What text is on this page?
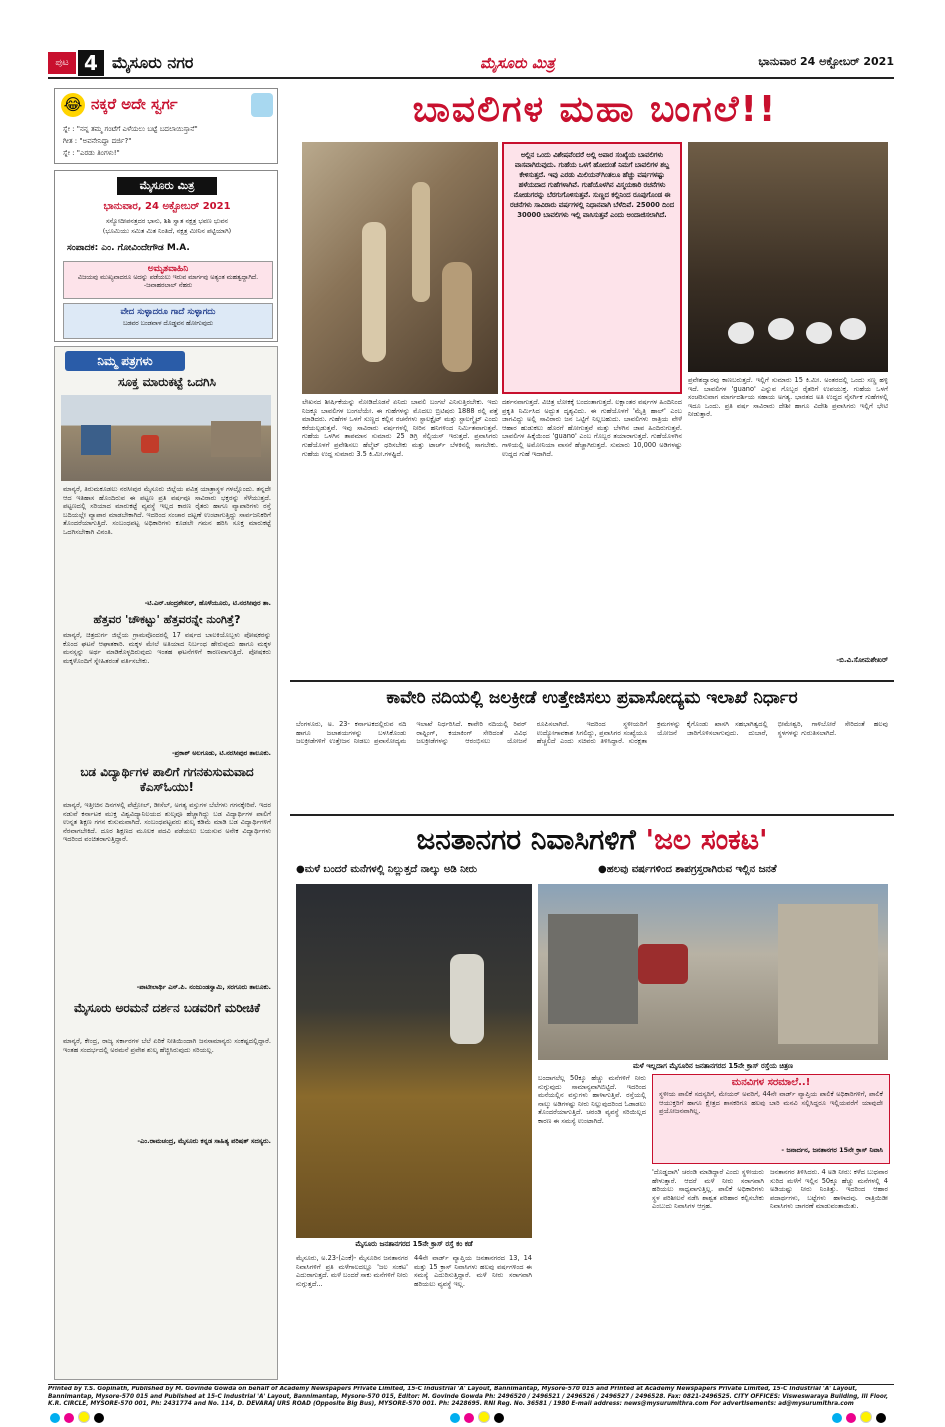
ಪುಟ 4 ಮೈಸೂರು ನಗರ	ಮೈಸೂರು ಮಿತ್ರ	ಭಾನುವಾರ 24 ಅಕ್ಟೋಬರ್ 2021
😂 ನಕ್ಕರೆ ಅದೇ ಸ್ವರ್ಗ
ಸ್ನೇ : "ನನ್ನ ತಮ್ಮ ಗಂಟೆಗೆ ಎಳೆಯಲು ಬಟ್ಟೆ ಬದಲಾಯಿಸ್ತಾನೆ"
ಗೀತ : "ಅವನೇನಿದ್ದಾ ದರ್ಜಿ?"
ಸ್ನೇ : "ಎರಡು ತಿಂಗಳು!"
ಮೈಸೂರು ಮಿತ್ರ
ಭಾನುವಾರ, 24 ಅಕ್ಟೋಬರ್ 2021
ಸಸ್ಯೋದೀಪನತ್ರದರ ಭಾನು, ಶಿಶಿ ಸ್ವಾತ ನಕ್ಷತ್ರ ಭವಣ ಭುವನ
(ಭೂಮಿಯು ಸಮಿತ ಮಿತ ನಿಂತಿದೆ, ನಕ್ಷತ್ರ ಮೀನಿನ ಪಟ್ಟಿಯಾಗಿ)
ಸಂಪಾದಕ: ಎಂ. ಗೋವಿಂದೇಗೌಡ M.A.
ಅಮೃತವಾಹಿನಿ
ವಿಜಯವು ಮುಖ್ಯವಾದರೂ ಅದನ್ನು ಪಡೆಯಲು ಇರುವ ಮಾರ್ಗವು ಅತ್ಯಂತ ಮಹತ್ವದ್ದಾಗಿದೆ. -ಜವಾಹರಲಾಲ್ ನೆಹರು
ವೇದ ಸುಳ್ಳಾದರೂ ಗಾದೆ ಸುಳ್ಳಾಗದು
ಬಡವರ ಬಂಡವಾಳ ದೊಡ್ಡವನ ಹೋಗುವುದು
ನಿಮ್ಮ ಪತ್ರಗಳು
ಸೂಕ್ತ ಮಾರುಕಟ್ಟೆ ಒದಗಿಸಿ
ಮಾನ್ಯರೆ, ತಿರುಮಕೂಡಲು ನರಸೀಪುರ ಮೈಸೂರು ಜಿಲ್ಲೆಯ ಪವಿತ್ರ ಯಾತ್ರಾಸ್ಥಳ ಗಳಲ್ಲೊಂದು. ತನ್ನದೇ ಆದ ಇತಿಹಾಸ ಹೊಂದಿರುವ ಈ ಪಟ್ಟಣ ಪ್ರತಿ ವರ್ಷವೂ ಸಾವಿರಾರು ಭಕ್ತರನ್ನು ಸೆಳೆಯುತ್ತದೆ. ಪಟ್ಟಣದಲ್ಲಿ ಸರಿಯಾದ ಮಾರುಕಟ್ಟೆ ವ್ಯವಸ್ಥೆ ಇಲ್ಲದ ಕಾರಣ ರೈತರು ಹಾಗೂ ವ್ಯಾಪಾರಿಗಳು ರಸ್ತೆ ಬದಿಯಲ್ಲೇ ವ್ಯಾಪಾರ ಮಾಡಬೇಕಾಗಿದೆ. ಇದರಿಂದ ಸಂಚಾರ ದಟ್ಟಣೆ ಉಂಟಾಗುತ್ತಿದ್ದು ಸಾರ್ವಜನಿಕರಿಗೆ ತೊಂದರೆಯಾಗುತ್ತಿದೆ. ಸಂಬಂಧಪಟ್ಟ ಅಧಿಕಾರಿಗಳು ಕೂಡಲೇ ಗಮನ ಹರಿಸಿ ಸೂಕ್ತ ಮಾರುಕಟ್ಟೆ ಒದಗಿಸಬೇಕಾಗಿ ವಿನಂತಿ.
-ಟಿ.ಎನ್.ಚಂದ್ರಶೇಖರ್, ಹೊಳೆಯೂರು, ಟಿ.ನರಸೀಪುರ ತಾ.
ಹೆತ್ತವರ 'ಚೌಕಟ್ಟು' ಹೆತ್ತವರನ್ನೇ ನುಂಗಿತ್ತೆ?
ಮಾನ್ಯರೆ, ಚಿತ್ರದುರ್ಗ ಜಿಲ್ಲೆಯ ಗ್ರಾಮವೊಂದರಲ್ಲಿ 17 ವರ್ಷದ ಬಾಲಕಿಯೊಬ್ಬಳು ಪೋಷಕರನ್ನು ಕೊಂದ ಘಟನೆ ಆಘಾತಕಾರಿ. ಮಕ್ಕಳ ಮೇಲೆ ಅತಿಯಾದ ನಿರ್ಬಂಧ ಹೇರುವುದು ಹಾಗೂ ಮಕ್ಕಳ ಮನಸ್ಸನ್ನು ಅರ್ಥ ಮಾಡಿಕೊಳ್ಳದಿರುವುದು ಇಂತಹ ಘಟನೆಗಳಿಗೆ ಕಾರಣವಾಗುತ್ತಿದೆ. ಪೋಷಕರು ಮಕ್ಕಳೊಂದಿಗೆ ಸ್ನೇಹಿತರಂತೆ ವರ್ತಿಸಬೇಕು.
-ಪ್ರಕಾಶ್ ಅಲಗೂಡು, ಟಿ.ನರಸೀಪುರ ತಾಲೂಕು.
ಬಡ ವಿದ್ಯಾರ್ಥಿಗಳ ಪಾಲಿಗೆ ಗಗನಕುಸುಮವಾದ ಕೆಎಸ್‌ಓಯು!
ಮಾನ್ಯರೆ, ಇತ್ತೀಚಿನ ದಿನಗಳಲ್ಲಿ ಪೆಟ್ರೋಲ್, ಡೀಸೆಲ್, ಅಗತ್ಯ ವಸ್ತುಗಳ ಬೆಲೆಗಳು ಗಗನಕ್ಕೇರಿವೆ. ಇದರ ನಡುವೆ ಕರ್ನಾಟಕ ಮುಕ್ತ ವಿಶ್ವವಿದ್ಯಾನಿಲಯದ ಶುಲ್ಕವೂ ಹೆಚ್ಚಾಗಿದ್ದು ಬಡ ವಿದ್ಯಾರ್ಥಿಗಳ ಪಾಲಿಗೆ ಉನ್ನತ ಶಿಕ್ಷಣ ಗಗನ ಕುಸುಮವಾಗಿದೆ. ಸಂಬಂಧಪಟ್ಟವರು ಶುಲ್ಕ ಕಡಿಮೆ ಮಾಡಿ ಬಡ ವಿದ್ಯಾರ್ಥಿಗಳಿಗೆ ನೆರವಾಗಬೇಕಿದೆ. ದೂರ ಶಿಕ್ಷಣದ ಮೂಲಕ ಪದವಿ ಪಡೆಯಲು ಬಯಸುವ ಅನೇಕ ವಿದ್ಯಾರ್ಥಿಗಳು ಇದರಿಂದ ವಂಚಿತರಾಗುತ್ತಿದ್ದಾರೆ.
-ಪಾಟೀಲಾರ್ಥಿ ಎಸ್.ಪಿ. ನಂಜುಂಡಸ್ವಾಮಿ, ಸರಗೂರು ತಾಲೂಕು.
ಮೈಸೂರು ಅರಮನೆ ದರ್ಶನ ಬಡವರಿಗೆ ಮರೀಚಿಕೆ
ಮಾನ್ಯರೆ, ಕೇಂದ್ರ, ರಾಜ್ಯ ಸರ್ಕಾರಗಳ ಬೆಲೆ ಏರಿಕೆ ನೀತಿಯಿಂದಾಗಿ ಜನಸಾಮಾನ್ಯರು ಸಂಕಷ್ಟದಲ್ಲಿದ್ದಾರೆ. ಇಂತಹ ಸಂದರ್ಭದಲ್ಲಿ ಅರಮನೆ ಪ್ರವೇಶ ಶುಲ್ಕ ಹೆಚ್ಚಿಸಿರುವುದು ಸರಿಯಲ್ಲ.
-ಎಂ.ರಾಮಚಂದ್ರ, ಮೈಸೂರು ಕನ್ನಡ ಸಾಹಿತ್ಯ ಪರಿಷತ್ ಸದಸ್ಯರು.
ಬಾವಲಿಗಳ ಮಹಾ ಬಂಗಲೆ!!
ಅಲ್ಲಿನ ಒಂದು ವಿಶೇಷವೆಂದರೆ ಅಲ್ಲಿ ಅಪಾರ ಸಂಖ್ಯೆಯ ಬಾವಲಿಗಳು ವಾಸವಾಗಿರುವುದು. ಗುಹೆಯ ಒಳಗೆ ಹೋದಂತೆ ನಿಮಗೆ ಬಾವಲಿಗಳ ಶಬ್ದ ಕೇಳಿಸುತ್ತದೆ. ಇವು ಎರಡು ಮಿಲಿಯನ್‌ಗಿಂತಲೂ ಹೆಚ್ಚು ವರ್ಷಗಳಷ್ಟು ಹಳೆಯದಾದ ಗುಹೆಗಳಾಗಿವೆ. ಗುಹೆಯೊಳಗಿನ ವಿಸ್ಮಯಕಾರಿ ರಚನೆಗಳು ನೋಡುಗರನ್ನು ಬೆರಗುಗೊಳಿಸುತ್ತವೆ. ಸುಣ್ಣದ ಕಲ್ಲಿನಿಂದ ರೂಪುಗೊಂಡ ಈ ರಚನೆಗಳು ಸಾವಿರಾರು ವರ್ಷಗಳಲ್ಲಿ ನಿಧಾನವಾಗಿ ಬೆಳೆದಿವೆ. 25000 ದಿಂದ 30000 ಬಾವಲಿಗಳು ಇಲ್ಲಿ ವಾಸಿಸುತ್ತವೆ ಎಂದು ಅಂದಾಜಿಸಲಾಗಿದೆ.
ಲೇಖನದ ಶೀರ್ಷಿಕೆಯನ್ನು ನೋಡಿದೊಡನೆ ಏನಿದು ಬಾವಲಿ ಬಂಗಲೆ ಎನಿಸುತ್ತಿರಬೇಕು. ಇದು ನಿಜಕ್ಕೂ ಬಾವಲಿಗಳ ಬಂಗಲೆಯೇ. ಈ ಗುಹೆಗಳನ್ನು ಮೊದಲು ಬ್ರಿಟಿಷರು 1888 ರಲ್ಲಿ ಪತ್ತೆ ಮಾಡಿದರು. ಗುಹೆಗಳ ಒಳಗೆ ಸುಣ್ಣದ ಕಲ್ಲಿನ ರಚನೆಗಳು ಸ್ಟಾಲಕ್ಟೈಟ್ ಮತ್ತು ಸ್ಟಾಲಗ್ಮೈಟ್ ಎಂದು ಕರೆಯಲ್ಪಡುತ್ತವೆ. ಇವು ಸಾವಿರಾರು ವರ್ಷಗಳಲ್ಲಿ ನೀರಿನ ಹನಿಗಳಿಂದ ನಿರ್ಮಿತವಾಗುತ್ತವೆ. ಗುಹೆಯ ಒಳಗಿನ ತಾಪಮಾನ ಸುಮಾರು 25 ಡಿಗ್ರಿ ಸೆಲ್ಸಿಯಸ್ ಇರುತ್ತದೆ. ಪ್ರವಾಸಿಗರು ಗುಹೆಯೊಳಗೆ ಪ್ರವೇಶಿಸಲು ಹೆಲ್ಮೆಟ್ ಧರಿಸಬೇಕು ಮತ್ತು ಟಾರ್ಚ್ ಬೆಳಕಿನಲ್ಲಿ ಸಾಗಬೇಕು. ಗುಹೆಯ ಉದ್ದ ಸುಮಾರು 3.5 ಕಿ.ಮೀ.ಗಳಷ್ಟಿದೆ.
ದರ್ಶನವಾಗುತ್ತದೆ. ವಿಚಿತ್ರ ಲೋಕಕ್ಕೆ ಬಂದಂತಾಗುತ್ತದೆ. ಲಕ್ಷಾಂತರ ವರ್ಷಗಳ ಹಿಂದಿನಿಂದ ಪ್ರಕೃತಿ ನಿರ್ಮಿಸಿದ ಅದ್ಭುತ ದೃಶ್ಯವಿದು. ಈ ಗುಹೆಯೊಳಗೆ 'ಮೈತ್ರಿ ಹಾಲ್' ಎಂಬ ಜಾಗವಿದ್ದು ಅಲ್ಲಿ ಸಾವಿರಾರು ಜನ ಒಟ್ಟಿಗೆ ನಿಲ್ಲಬಹುದು. ಬಾವಲಿಗಳು ರಾತ್ರಿಯ ವೇಳೆ ಆಹಾರ ಹುಡುಕಲು ಹೊರಗೆ ಹೋಗುತ್ತವೆ ಮತ್ತು ಬೆಳಗಿನ ಜಾವ ಹಿಂದಿರುಗುತ್ತವೆ. ಬಾವಲಿಗಳ ಹಿಕ್ಕೆಯಿಂದ 'guano' ಎಂಬ ಗೊಬ್ಬರ ತಯಾರಾಗುತ್ತದೆ. ಗುಹೆಯೊಳಗಿನ ಗಾಳಿಯಲ್ಲಿ ಅಮೋನಿಯಾ ವಾಸನೆ ಹೆಚ್ಚಾಗಿರುತ್ತದೆ. ಸುಮಾರು 10,000 ಅಡಿಗಳಷ್ಟು ಉದ್ದದ ಗುಹೆ ಇದಾಗಿದೆ.
ಪ್ರವೇಶದ್ವಾರವು ಕಾಣಬರುತ್ತದೆ. ಇಲ್ಲಿಗೆ ಸುಮಾರು 15 ಕಿ.ಮೀ. ಅಂತರದಲ್ಲಿ ಒಂದು ಸಣ್ಣ ಹಳ್ಳಿ ಇದೆ. ಬಾವಲಿಗಳ 'guano' ಎನ್ನುವ ಗೊಬ್ಬರ ರೈತರಿಗೆ ಉಪಯುಕ್ತ. ಗುಹೆಯ ಒಳಗೆ ಸಂಚರಿಸುವಾಗ ಮಾರ್ಗದರ್ಶಿಯ ಸಹಾಯ ಅಗತ್ಯ. ಭಾರತದ ಅತಿ ಉದ್ದದ ನೈಸರ್ಗಿಕ ಗುಹೆಗಳಲ್ಲಿ ಇದೂ ಒಂದು. ಪ್ರತಿ ವರ್ಷ ಸಾವಿರಾರು ದೇಶೀ ಹಾಗೂ ವಿದೇಶಿ ಪ್ರವಾಸಿಗರು ಇಲ್ಲಿಗೆ ಭೇಟಿ ನೀಡುತ್ತಾರೆ.
-ಬಿ.ವಿ.ಸೋಮಶೇಖರ್
ಕಾವೇರಿ ನದಿಯಲ್ಲಿ ಜಲಕ್ರೀಡೆ ಉತ್ತೇಜಿಸಲು ಪ್ರವಾಸೋದ್ಯಮ ಇಲಾಖೆ ನಿರ್ಧಾರ
ಬೆಂಗಳೂರು, ಅ. 23- ಕರ್ನಾಟಕದಲ್ಲಿರುವ ನದಿ ಹಾಗೂ ಜಲಾಶಯಗಳನ್ನು ಬಳಸಿಕೊಂಡು ಜಲಕ್ರೀಡೆಗಳಿಗೆ ಉತ್ತೇಜನ ನೀಡಲು ಪ್ರವಾಸೋದ್ಯಮ ಇಲಾಖೆ ನಿರ್ಧರಿಸಿದೆ. ಕಾವೇರಿ ನದಿಯಲ್ಲಿ ರಿವರ್ ರಾಫ್ಟಿಂಗ್, ಕಯಾಕಿಂಗ್ ಸೇರಿದಂತೆ ವಿವಿಧ ಜಲಕ್ರೀಡೆಗಳನ್ನು ಆರಂಭಿಸಲು ಯೋಜನೆ ರೂಪಿಸಲಾಗಿದೆ. ಇದರಿಂದ ಸ್ಥಳೀಯರಿಗೆ ಉದ್ಯೋಗಾವಕಾಶ ಸಿಗಲಿದ್ದು, ಪ್ರವಾಸಿಗರ ಸಂಖ್ಯೆಯೂ ಹೆಚ್ಚಲಿದೆ ಎಂದು ಸಚಿವರು ತಿಳಿಸಿದ್ದಾರೆ. ಸುರಕ್ಷತಾ ಕ್ರಮಗಳನ್ನು ಕೈಗೊಂಡು ಖಾಸಗಿ ಸಹಭಾಗಿತ್ವದಲ್ಲಿ ಯೋಜನೆ ಜಾರಿಗೊಳಿಸಲಾಗುವುದು. ದುಬಾರೆ, ಭೀಮೇಶ್ವರಿ, ಗಾಳಿಬೋರೆ ಸೇರಿದಂತೆ ಹಲವು ಸ್ಥಳಗಳನ್ನು ಗುರುತಿಸಲಾಗಿದೆ.
ಜನತಾನಗರ ನಿವಾಸಿಗಳಿಗೆ 'ಜಲ ಸಂಕಟ'
●ಮಳೆ ಬಂದರೆ ಮನೆಗಳಲ್ಲಿ ನಿಲ್ಲುತ್ತದೆ ನಾಲ್ಕು ಅಡಿ ನೀರು	●ಹಲವು ವರ್ಷಗಳಿಂದ ಶಾಪಗ್ರಸ್ತರಾಗಿರುವ ಇಲ್ಲಿನ ಜನತೆ
ಮೈಸೂರು ಜನತಾನಗರದ 15ನೇ ಕ್ರಾಸ್ ರಸ್ತೆ ಕಂ ಕಡೆ
ಮಳೆ ಇಲ್ಲದಾಗ ಮೈಸೂರಿನ ಜನತಾನಗರದ 15ನೇ ಕ್ರಾಸ್ ರಸ್ತೆಯ ಚಿತ್ರಣ
ಮನವಿಗಳ ಸರಮಾಲೆ..!
ಸ್ಥಳೀಯ ಪಾಲಿಕೆ ಸದಸ್ಯರಿಗೆ, ಮೇಯರ್ ಅವರಿಗೆ, 44ನೇ ವಾರ್ಡ್ ವ್ಯಾಪ್ತಿಯ ಪಾಲಿಕೆ ಅಧಿಕಾರಿಗಳಿಗೆ, ಪಾಲಿಕೆ ಆಯುಕ್ತರಿಗೆ ಹಾಗೂ ಕ್ಷೇತ್ರದ ಶಾಸಕರಿಗೂ ಹಲವು ಬಾರಿ ಮನವಿ ಸಲ್ಲಿಸಿದ್ದರೂ ಇಲ್ಲಿಯವರೆಗೆ ಯಾವುದೇ ಪ್ರಯೋಜನವಾಗಿಲ್ಲ.
- ಜನಾರ್ದನ, ಜನತಾನಗರ 15ನೇ ಕ್ರಾಸ್ ನಿವಾಸಿ
ಬಂದಾಗಲೆಲ್ಲ 50ಕ್ಕೂ ಹೆಚ್ಚು ಮನೆಗಳಿಗೆ ನೀರು ನುಗ್ಗುವುದು ಸಾಮಾನ್ಯವಾಗಿಬಿಟ್ಟಿದೆ. ಇದರಿಂದ ಮನೆಯಲ್ಲಿನ ವಸ್ತುಗಳು ಹಾಳಾಗುತ್ತಿವೆ. ರಸ್ತೆಯಲ್ಲಿ ನಾಲ್ಕು ಅಡಿಗಳಷ್ಟು ನೀರು ನಿಲ್ಲುವುದರಿಂದ ಓಡಾಡಲು ತೊಂದರೆಯಾಗುತ್ತಿದೆ. ಚರಂಡಿ ವ್ಯವಸ್ಥೆ ಸರಿಯಿಲ್ಲದ ಕಾರಣ ಈ ಸಮಸ್ಯೆ ಉಂಟಾಗಿದೆ.
'ದೊಡ್ಡದಾಗಿ' ಚರಂಡಿ ಮಾಡಿದ್ದಾರೆ ಎಂದು ಸ್ಥಳೀಯರು ಹೇಳುತ್ತಾರೆ. ಆದರೆ ಮಳೆ ನೀರು ಸರಾಗವಾಗಿ ಹರಿಯಲು ಸಾಧ್ಯವಾಗುತ್ತಿಲ್ಲ. ಪಾಲಿಕೆ ಅಧಿಕಾರಿಗಳು ಸ್ಥಳ ಪರಿಶೀಲನೆ ನಡೆಸಿ ಶಾಶ್ವತ ಪರಿಹಾರ ಕಲ್ಪಿಸಬೇಕು ಎಂಬುದು ನಿವಾಸಿಗಳ ಆಗ್ರಹ.
ಜನತಾನಗರ ತಿಳಿಸಿದರು. 4 ಅಡಿ ನೀರು: ಕಳೆದ ಬುಧವಾರ ಸುರಿದ ಮಳೆಗೆ ಇಲ್ಲಿನ 50ಕ್ಕೂ ಹೆಚ್ಚು ಮನೆಗಳಲ್ಲಿ 4 ಅಡಿಯಷ್ಟು ನೀರು ನಿಂತಿತ್ತು. ಇದರಿಂದ ಆಹಾರ ಪದಾರ್ಥಗಳು, ಬಟ್ಟೆಗಳು ಹಾಳಾದವು. ರಾತ್ರಿಯಿಡೀ ನಿವಾಸಿಗಳು ಜಾಗರಣೆ ಮಾಡುವಂತಾಯಿತು.
ಮೈಸೂರು, ಅ.23-(ಎಂಕೆ)- ಮೈಸೂರಿನ ಜನತಾನಗರ ನಿವಾಸಿಗಳಿಗೆ ಪ್ರತಿ ಮಳೆಗಾಲದಲ್ಲೂ 'ಜಲ ಸಂಕಟ' ಎದುರಾಗುತ್ತದೆ. ಮಳೆ ಬಂದರೆ ಸಾಕು ಮನೆಗಳಿಗೆ ನೀರು ನುಗ್ಗುತ್ತದೆ...
44ನೇ ವಾರ್ಡ್ ವ್ಯಾಪ್ತಿಯ ಜನತಾನಗರದ 13, 14 ಮತ್ತು 15 ಕ್ರಾಸ್ ನಿವಾಸಿಗಳು ಹಲವು ವರ್ಷಗಳಿಂದ ಈ ಸಮಸ್ಯೆ ಎದುರಿಸುತ್ತಿದ್ದಾರೆ. ಮಳೆ ನೀರು ಸರಾಗವಾಗಿ ಹರಿಯಲು ವ್ಯವಸ್ಥೆ ಇಲ್ಲ.
Printed by T.S. Gopinath, Published by M. Govinde Gowda on behalf of Academy Newspapers Private Limited, 15-C Industrial 'A' Layout, Bannimantap, Mysore-570 015 and Printed at Academy Newspapers Private Limited, 15-C Industrial 'A' Layout, Bannimantap, Mysore-570 015 and Published at 15-C Industrial 'A' Layout, Bannimantap, Mysore-570 015, Editor: M. Govinde Gowda Ph: 2496520 / 2496521 / 2496526 / 2496527 / 2496528. Fax: 0821-2496525. CITY OFFICES: Visweswaraya Building, III Floor, K.R. CIRCLE, MYSORE-570 001, Ph: 2431774 and No. 114, D. DEVARAJ URS ROAD (Opposite Big Bus), MYSORE-570 001. Ph: 2428695. RNI Reg. No. 36581 / 1980 E-mail address: news@mysurumithra.com For advertisements: ad@mysurumithra.com
